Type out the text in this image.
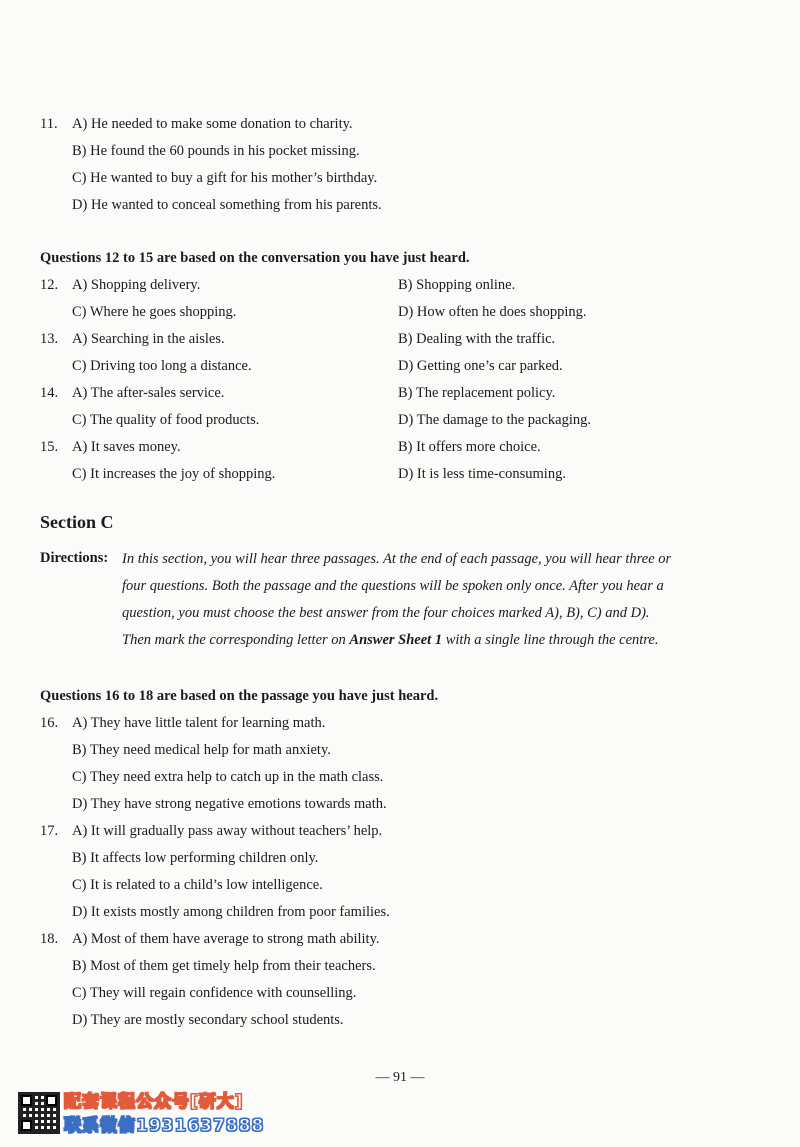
11. A) He needed to make some donation to charity.
B) He found the 60 pounds in his pocket missing.
C) He wanted to buy a gift for his mother’s birthday.
D) He wanted to conceal something from his parents.
Questions 12 to 15 are based on the conversation you have just heard.
12. A) Shopping delivery.	B) Shopping online.
C) Where he goes shopping.	D) How often he does shopping.
13. A) Searching in the aisles.	B) Dealing with the traffic.
C) Driving too long a distance.	D) Getting one’s car parked.
14. A) The after-sales service.	B) The replacement policy.
C) The quality of food products.	D) The damage to the packaging.
15. A) It saves money.	B) It offers more choice.
C) It increases the joy of shopping.	D) It is less time-consuming.
Section C
Directions: In this section, you will hear three passages. At the end of each passage, you will hear three or
four questions. Both the passage and the questions will be spoken only once. After you hear a
question, you must choose the best answer from the four choices marked A), B), C) and D).
Then mark the corresponding letter on Answer Sheet 1 with a single line through the centre.
Questions 16 to 18 are based on the passage you have just heard.
16. A) They have little talent for learning math.
B) They need medical help for math anxiety.
C) They need extra help to catch up in the math class.
D) They have strong negative emotions towards math.
17. A) It will gradually pass away without teachers’ help.
B) It affects low performing children only.
C) It is related to a child’s low intelligence.
D) It exists mostly among children from poor families.
18. A) Most of them have average to strong math ability.
B) Most of them get timely help from their teachers.
C) They will regain confidence with counselling.
D) They are mostly secondary school students.
— 91 —
配套课程公众号[研大]
联系微信1931637888
